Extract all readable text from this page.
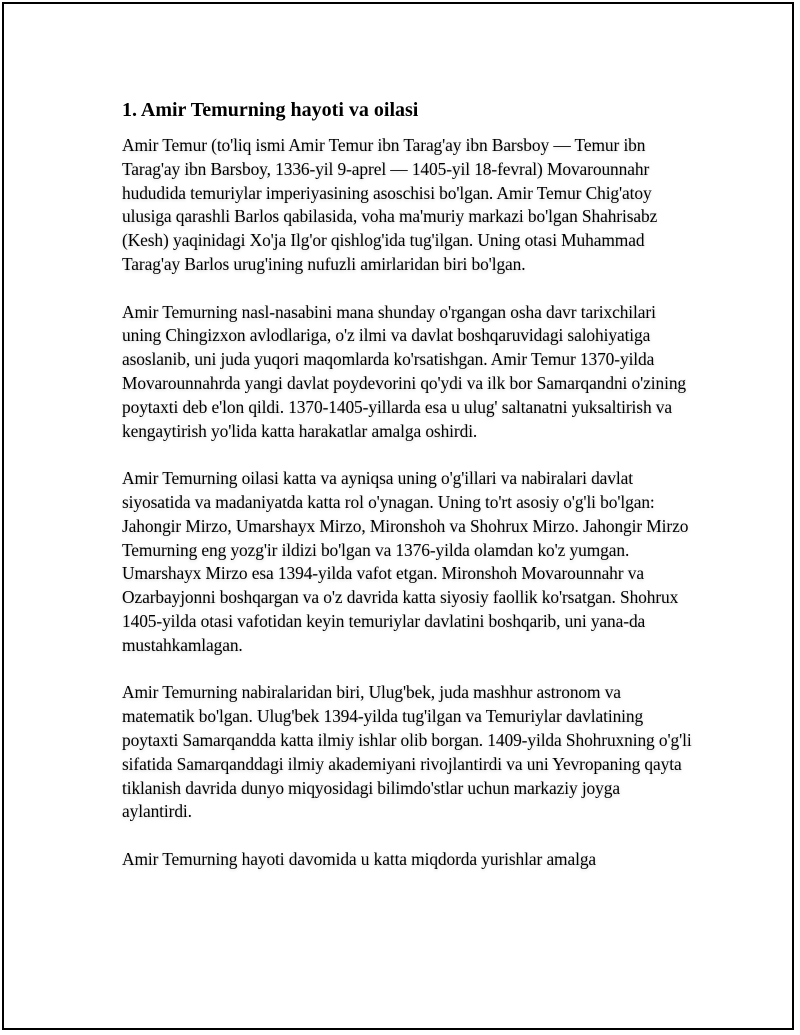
1. Amir Temurning hayoti va oilasi

Amir Temur (to'liq ismi Amir Temur ibn Tarag'ay ibn Barsboy — Temur ibn Tarag'ay ibn Barsboy, 1336-yil 9-aprel — 1405-yil 18-fevral) Movarounnahr hududida temuriylar imperiyasining asoschisi bo'lgan. Amir Temur Chig'atoy ulusiga qarashli Barlos qabilasida, voha ma'muriy markazi bo'lgan Shahrisabz (Kesh) yaqinidagi Xo'ja Ilg'or qishlog'ida tug'ilgan. Uning otasi Muhammad Tarag'ay Barlos urug'ining nufuzli amirlaridan biri bo'lgan.

Amir Temurning nasl-nasabini mana shunday o'rgangan osha davr tarixchilari uning Chingizxon avlodlariga, o'z ilmi va davlat boshqaruvidagi salohiyatiga asoslanib, uni juda yuqori maqomlarda ko'rsatishgan. Amir Temur 1370-yilda Movarounnahrda yangi davlat poydevorini qo'ydi va ilk bor Samarqandni o'zining poytaxti deb e'lon qildi. 1370-1405-yillarda esa u ulug' saltanatni yuksaltirish va kengaytirish yo'lida katta harakatlar amalga oshirdi.

Amir Temurning oilasi katta va ayniqsa uning o'g'illari va nabiralari davlat siyosatida va madaniyatda katta rol o'ynagan. Uning to'rt asosiy o'g'li bo'lgan: Jahongir Mirzo, Umarshayx Mirzo, Mironshoh va Shohrux Mirzo. Jahongir Mirzo Temurning eng yozg'ir ildizi bo'lgan va 1376-yilda olamdan ko'z yumgan. Umarshayx Mirzo esa 1394-yilda vafot etgan. Mironshoh Movarounnahr va Ozarbayjonni boshqargan va o'z davrida katta siyosiy faollik ko'rsatgan. Shohrux 1405-yilda otasi vafotidan keyin temuriylar davlatini boshqarib, uni yana-da mustahkamlagan.

Amir Temurning nabiralaridan biri, Ulug'bek, juda mashhur astronom va matematik bo'lgan. Ulug'bek 1394-yilda tug'ilgan va Temuriylar davlatining poytaxti Samarqandda katta ilmiy ishlar olib borgan. 1409-yilda Shohruxning o'g'li sifatida Samarqanddagi ilmiy akademiyani rivojlantirdi va uni Yevropaning qayta tiklanish davrida dunyo miqyosidagi bilimdo'stlar uchun markaziy joyga aylantirdi.

Amir Temurning hayoti davomida u katta miqdorda yurishlar amalga
